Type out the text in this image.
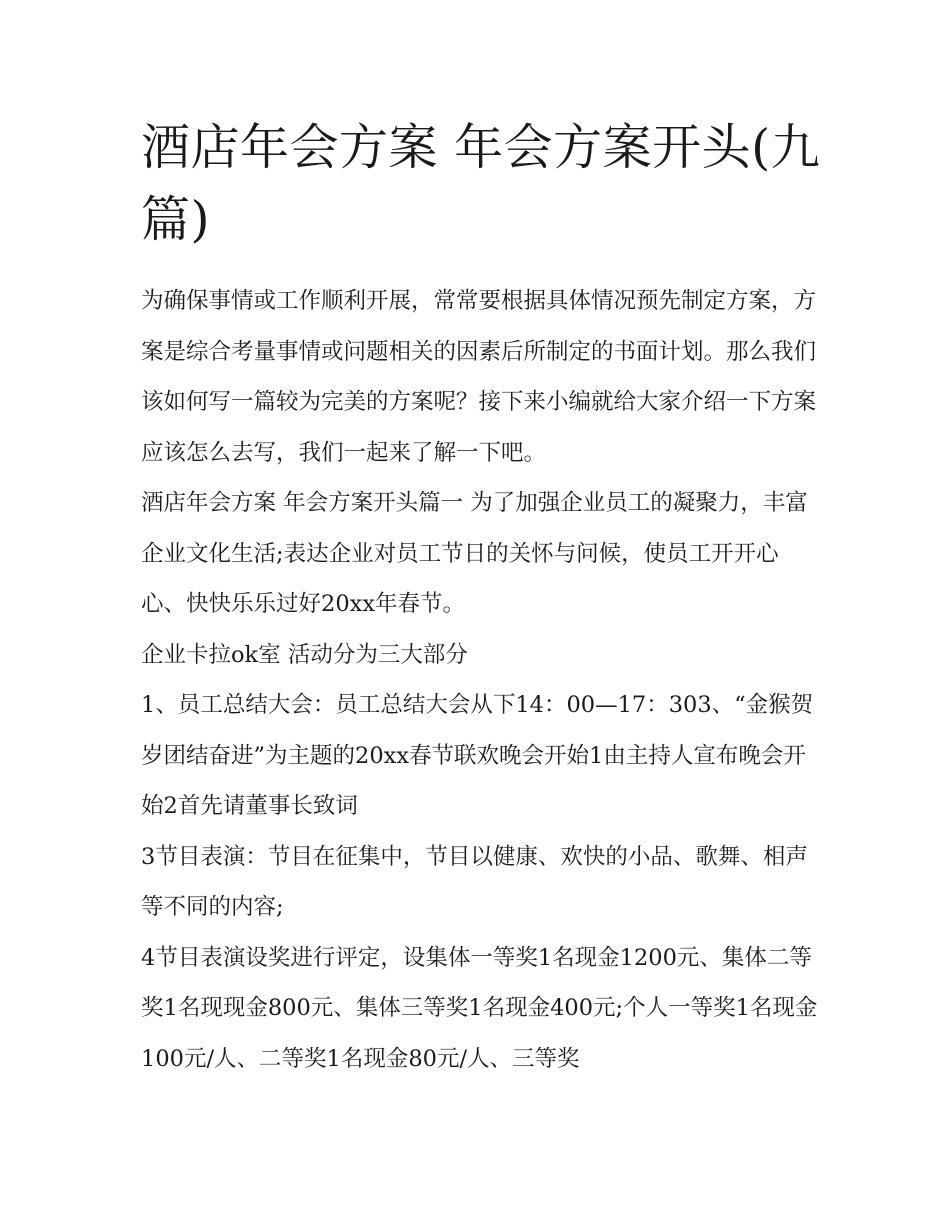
酒店年会方案 年会方案开头(九篇)

为确保事情或工作顺利开展，常常要根据具体情况预先制定方案，方案是综合考量事情或问题相关的因素后所制定的书面计划。那么我们该如何写一篇较为完美的方案呢？接下来小编就给大家介绍一下方案应该怎么去写，我们一起来了解一下吧。

酒店年会方案 年会方案开头篇一 为了加强企业员工的凝聚力，丰富企业文化生活;表达企业对员工节日的关怀与问候，使员工开开心心、快快乐乐过好20xx年春节。

企业卡拉ok室 活动分为三大部分

1、员工总结大会：员工总结大会从下14：00—17：303、“金猴贺岁团结奋进”为主题的20xx春节联欢晚会开始1由主持人宣布晚会开始2首先请董事长致词

3节目表演：节目在征集中，节目以健康、欢快的小品、歌舞、相声等不同的内容;

4节目表演设奖进行评定，设集体一等奖1名现金1200元、集体二等奖1名现现金800元、集体三等奖1名现金400元;个人一等奖1名现金100元/人、二等奖1名现金80元/人、三等奖
